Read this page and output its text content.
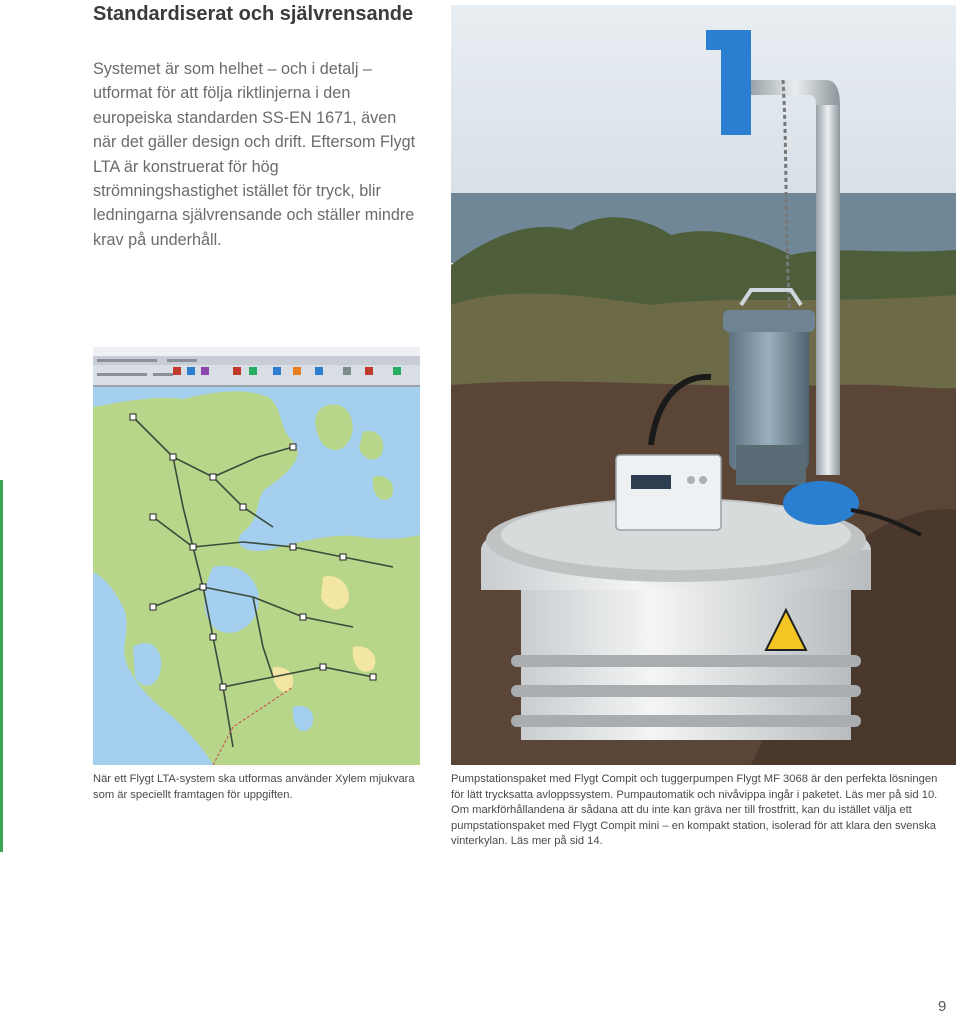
Standardiserat och självrensande

Systemet är som helhet – och i detalj – utformat för att följa riktlinjerna i den europeiska standarden SS-EN 1671, även när det gäller design och drift. Eftersom Flygt LTA är konstruerat för hög strömningshastighet istället för tryck, blir ledningarna självrensande och ställer mindre krav på underhåll.

När ett Flygt LTA-system ska utformas använder Xylem mjukvara som är speciellt framtagen för uppgiften.

Pumpstationspaket med Flygt Compit och tuggerpumpen Flygt MF 3068 är den perfekta lösningen för lätt trycksatta avloppssystem. Pumpautomatik och nivåvippa ingår i paketet. Läs mer på sid 10. Om markförhållandena är sådana att du inte kan gräva ner till frostfritt, kan du istället välja ett pumpstationspaket med Flygt Compit mini – en kompakt station, isolerad för att klara den svenska vinterkylan. Läs mer på sid 14.

9
